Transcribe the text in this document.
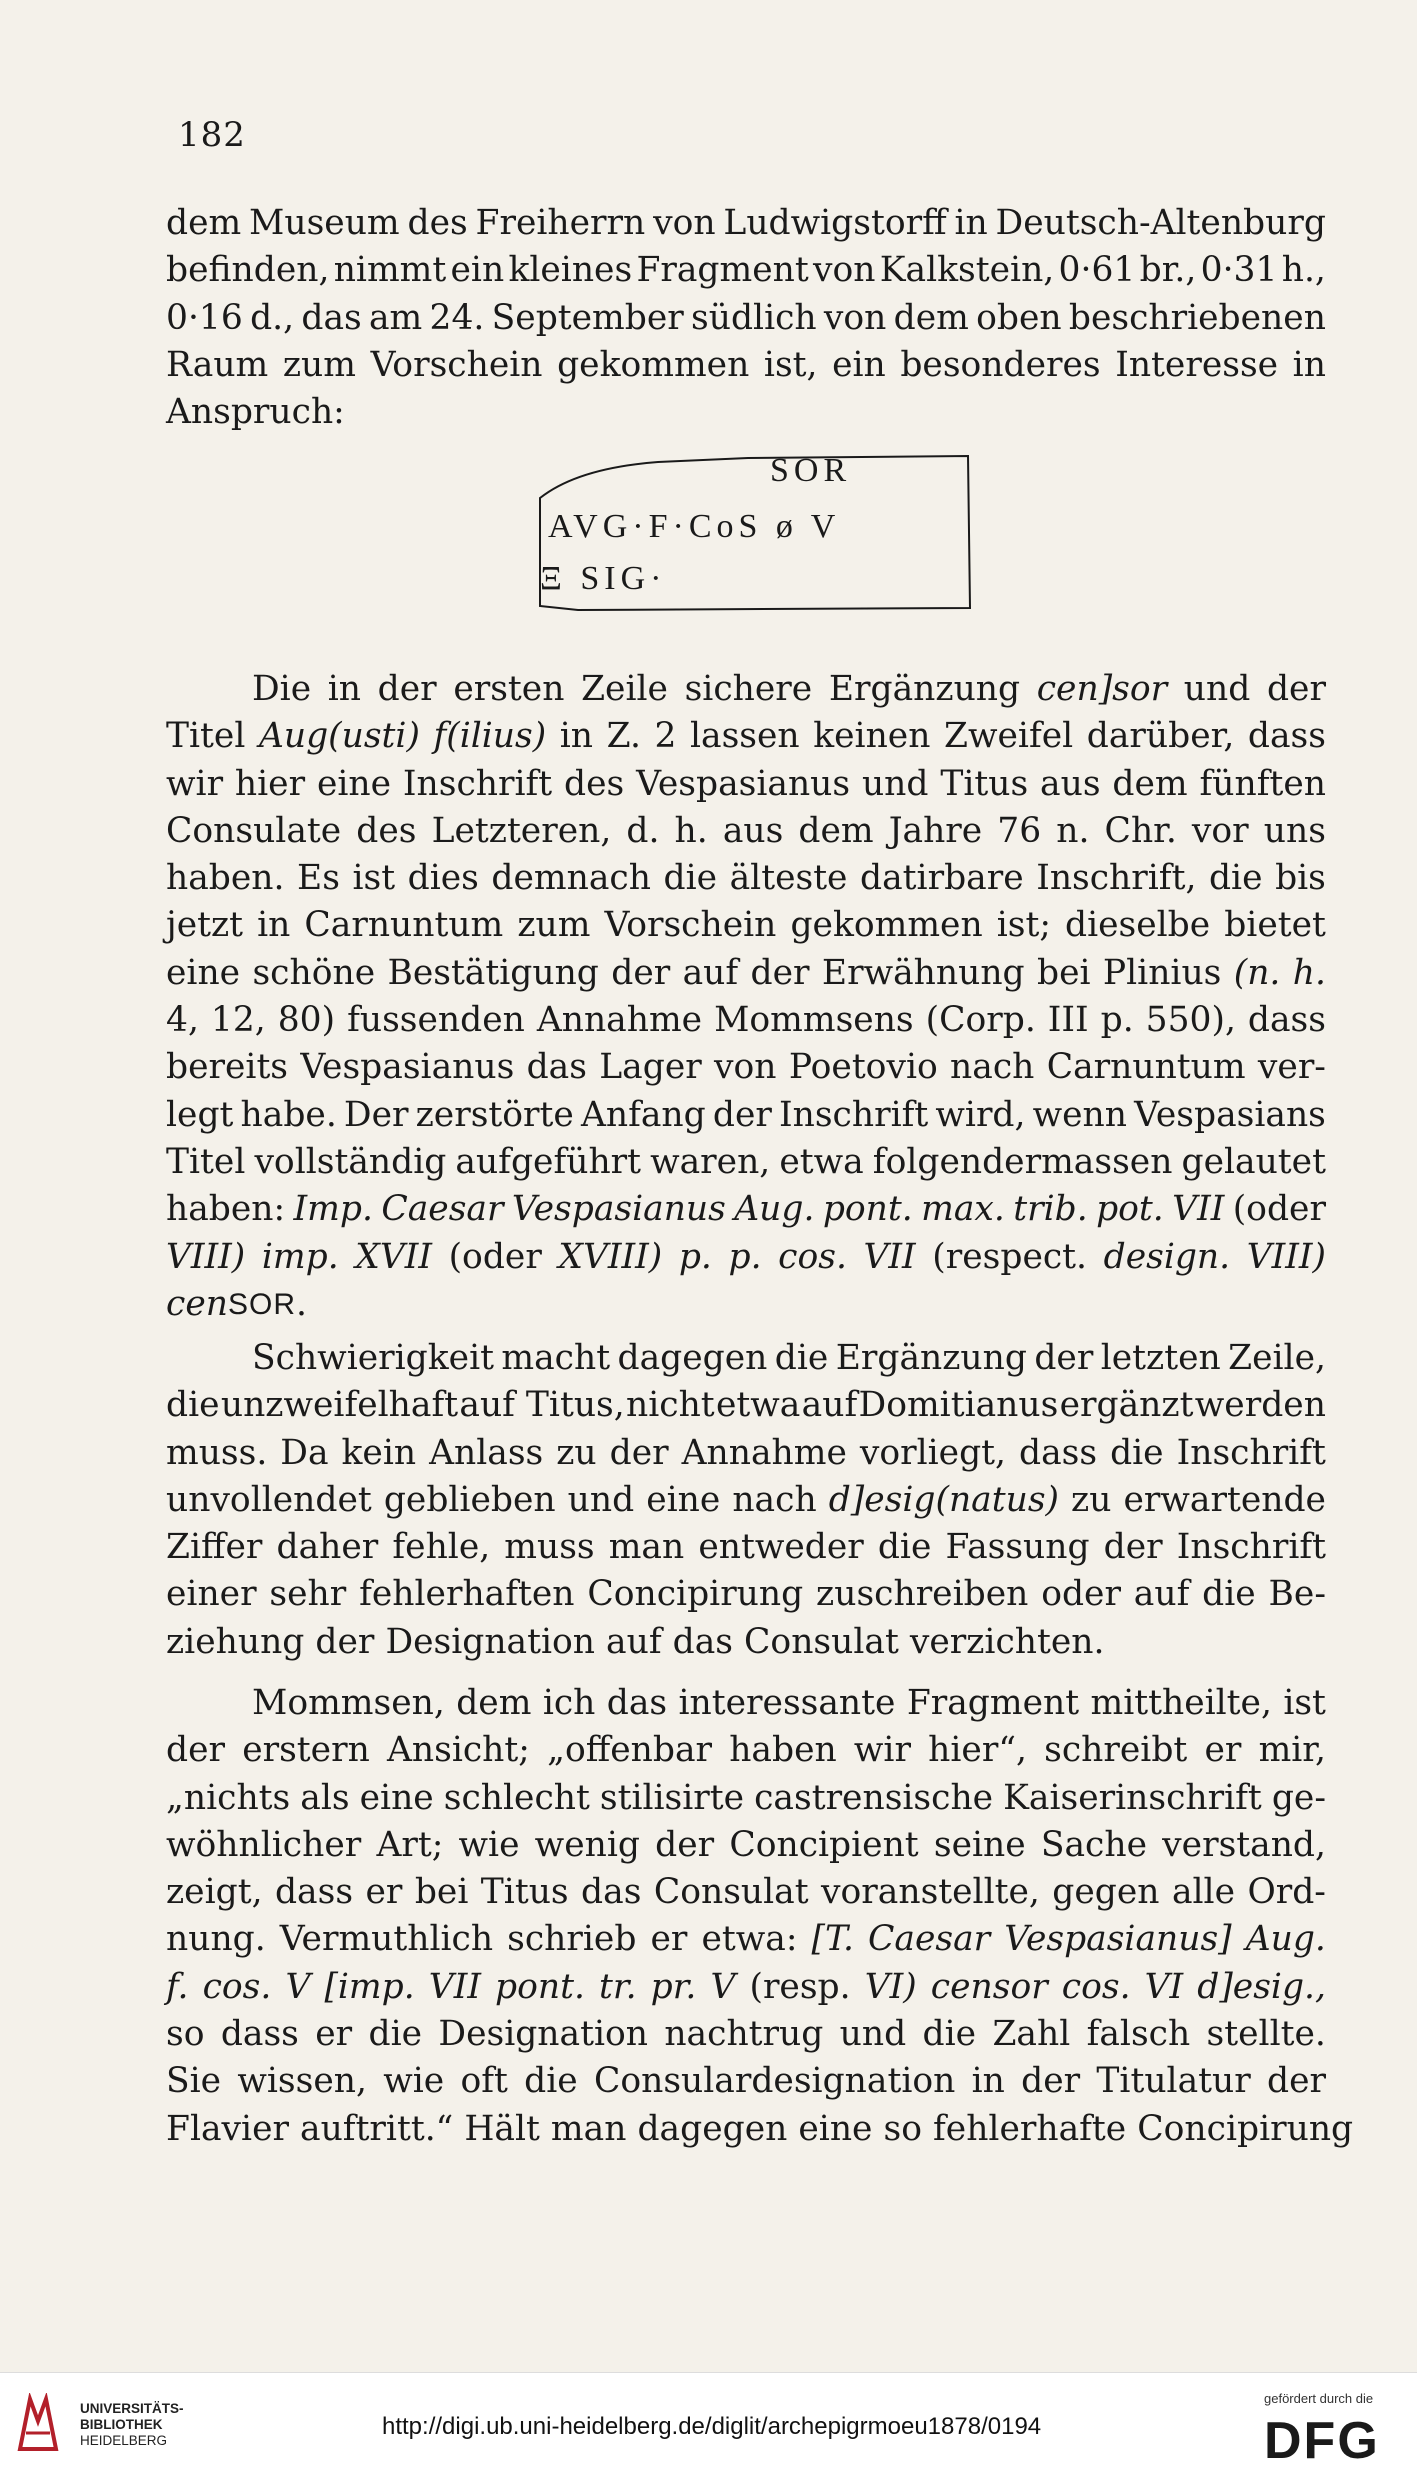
182
dem Museum des Freiherrn von Ludwigstorff in Deutsch-Altenburg
befinden, nimmt ein kleines Fragment von Kalkstein, 0·61 br., 0·31 h.,
0·16 d., das am 24. September südlich von dem oben beschriebenen
Raum zum Vorschein gekommen ist, ein besonderes Interesse in
Anspruch:
SOR
AVG·F·CoS ø V
Ξ SIG·
Die in der ersten Zeile sichere Ergänzung cen]sor und der
Titel Aug(usti) f(ilius) in Z. 2 lassen keinen Zweifel darüber, dass
wir hier eine Inschrift des Vespasianus und Titus aus dem fünften
Consulate des Letzteren, d. h. aus dem Jahre 76 n. Chr. vor uns
haben. Es ist dies demnach die älteste datirbare Inschrift, die bis
jetzt in Carnuntum zum Vorschein gekommen ist; dieselbe bietet
eine schöne Bestätigung der auf der Erwähnung bei Plinius (n. h.
4, 12, 80) fussenden Annahme Mommsens (Corp. III p. 550), dass
bereits Vespasianus das Lager von Poetovio nach Carnuntum ver-
legt habe. Der zerstörte Anfang der Inschrift wird, wenn Vespasians
Titel vollständig aufgeführt waren, etwa folgendermassen gelautet
haben: Imp. Caesar Vespasianus Aug. pont. max. trib. pot. VII (oder
VIII) imp. XVII (oder XVIII) p. p. cos. VII (respect. design. VIII)
cen SOR .
Schwierigkeit macht dagegen die Ergänzung der letzten Zeile,
die unzweifelhaft auf Titus, nicht etwa auf Domitianus ergänzt werden
muss. Da kein Anlass zu der Annahme vorliegt, dass die Inschrift
unvollendet geblieben und eine nach d]esig(natus) zu erwartende
Ziffer daher fehle, muss man entweder die Fassung der Inschrift
einer sehr fehlerhaften Concipirung zuschreiben oder auf die Be-
ziehung der Designation auf das Consulat verzichten.
Mommsen, dem ich das interessante Fragment mittheilte, ist
der erstern Ansicht; „offenbar haben wir hier“, schreibt er mir,
„nichts als eine schlecht stilisirte castrensische Kaiserinschrift ge-
wöhnlicher Art; wie wenig der Concipient seine Sache verstand,
zeigt, dass er bei Titus das Consulat voranstellte, gegen alle Ord-
nung. Vermuthlich schrieb er etwa: [T. Caesar Vespasianus] Aug.
f. cos. V [imp. VII pont. tr. pr. V (resp. VI) censor cos. VI d]esig.,
so dass er die Designation nachtrug und die Zahl falsch stellte.
Sie wissen, wie oft die Consulardesignation in der Titulatur der
Flavier auftritt.“ Hält man dagegen eine so fehlerhafte Concipirung
UNIVERSITÄTS-
BIBLIOTHEK
HEIDELBERG
http://digi.ub.uni-heidelberg.de/diglit/archepigrmoeu1878/0194
gefördert durch die
DFG
